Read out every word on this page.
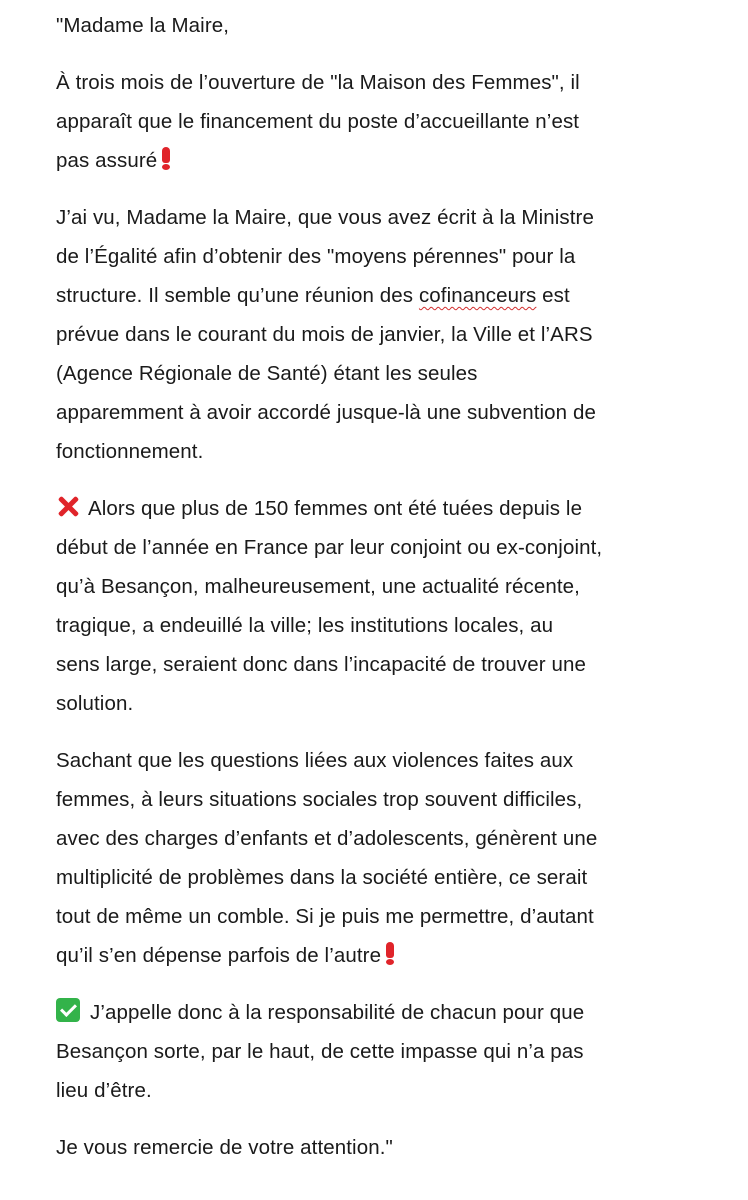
"Madame la Maire,

À trois mois de l’ouverture de "la Maison des Femmes", il
apparaît que le financement du poste d’accueillante n’est
pas assuré

J’ai vu, Madame la Maire, que vous avez écrit à la Ministre
de l’Égalité afin d’obtenir des "moyens pérennes" pour la
structure. Il semble qu’une réunion des cofinanceurs est
prévue dans le courant du mois de janvier, la Ville et l’ARS
(Agence Régionale de Santé) étant les seules
apparemment à avoir accordé jusque-là une subvention de
fonctionnement.

Alors que plus de 150 femmes ont été tuées depuis le
début de l’année en France par leur conjoint ou ex-conjoint,
qu’à Besançon, malheureusement, une actualité récente,
tragique, a endeuillé la ville; les institutions locales, au
sens large, seraient donc dans l’incapacité de trouver une
solution.

Sachant que les questions liées aux violences faites aux
femmes, à leurs situations sociales trop souvent difficiles,
avec des charges d’enfants et d’adolescents, génèrent une
multiplicité de problèmes dans la société entière, ce serait
tout de même un comble. Si je puis me permettre, d’autant
qu’il s’en dépense parfois de l’autre

J’appelle donc à la responsabilité de chacun pour que
Besançon sorte, par le haut, de cette impasse qui n’a pas
lieu d’être.

Je vous remercie de votre attention."
